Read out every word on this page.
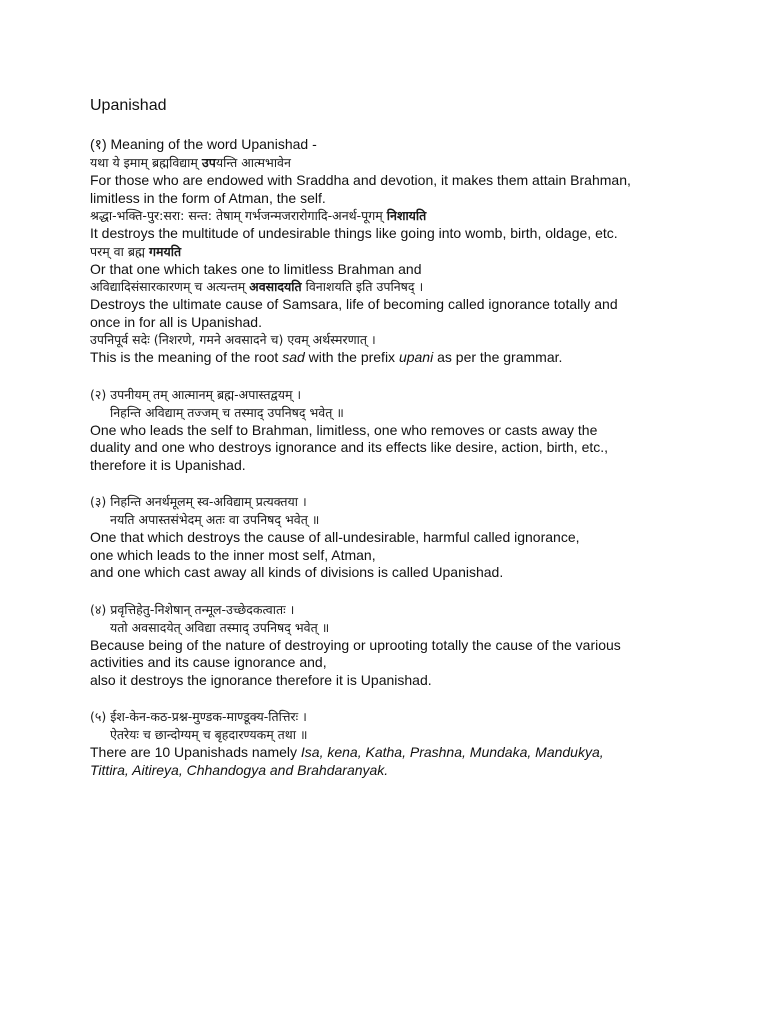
Upanishad

(१) Meaning of the word Upanishad -

यथा ये इमाम् ब्रह्मविद्याम् उपयन्ति आत्मभावेन

For those who are endowed with Sraddha and devotion, it makes them attain Brahman,

limitless in the form of Atman, the self.

श्रद्धा-भक्ति-पुर:सरा: सन्त: तेषाम् गर्भजन्मजरारोगादि-अनर्थ-पूगम् निशायति

It destroys the multitude of undesirable things like going into womb, birth, oldage, etc.

परम् वा ब्रह्म गमयति

Or that one which takes one to limitless Brahman and

अविद्यादिसंसारकारणम् च अत्यन्तम् अवसादयति विनाशयति इति उपनिषद् ।

Destroys the ultimate cause of Samsara, life of becoming called ignorance totally and

once in for all is Upanishad.

उपनिपूर्व सदेः (निशरणे, गमने अवसादने च) एवम् अर्थस्मरणात् ।

This is the meaning of the root sad with the prefix upani as per the grammar.

(२) उपनीयम् तम् आत्मानम् ब्रह्म-अपास्तद्वयम् ।

निहन्ति अविद्याम् तज्जम् च तस्माद् उपनिषद् भवेत् ॥

One who leads the self to Brahman, limitless, one who removes or casts away the

duality and one who destroys ignorance and its effects like desire, action, birth, etc.,

therefore it is Upanishad.

(३) निहन्ति अनर्थमूलम् स्व-अविद्याम् प्रत्यक्तया ।

नयति अपास्तसंभेदम् अतः वा उपनिषद् भवेत् ॥

One that which destroys the cause of all-undesirable, harmful called ignorance,

one which leads to the inner most self, Atman,

and one which cast away all kinds of divisions is called Upanishad.

(४) प्रवृत्तिहेतु-निशेषान् तन्मूल-उच्छेदकत्वातः ।

यतो अवसादयेत् अविद्या तस्माद् उपनिषद् भवेत् ॥

Because being of the nature of destroying or uprooting totally the cause of the various

activities and its cause ignorance and,

also it destroys the ignorance therefore it is Upanishad.

(५) ईश-केन-कठ-प्रश्न-मुण्डक-माण्डूक्य-तित्तिरः ।

ऐतरेयः च छान्दोग्यम् च बृहदारण्यकम् तथा ॥

There are 10 Upanishads namely Isa, kena, Katha, Prashna, Mundaka, Mandukya,

Tittira, Aitireya, Chhandogya and Brahdaranyak.
